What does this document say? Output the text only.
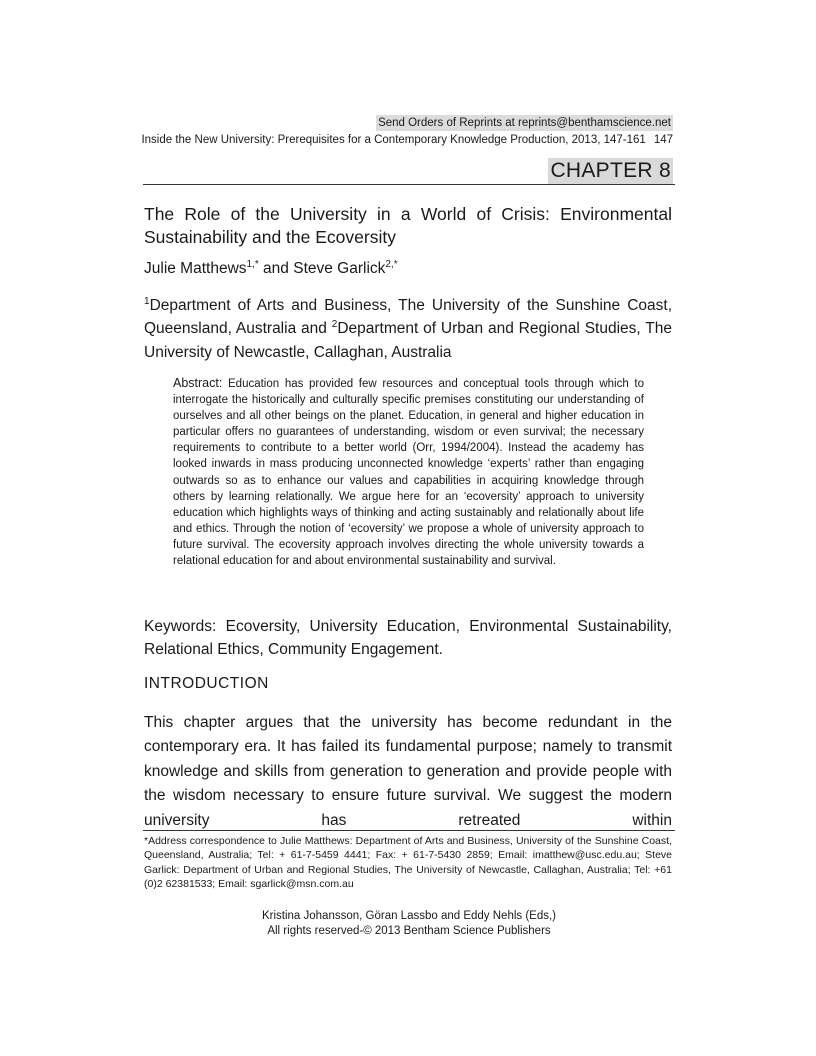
Send Orders of Reprints at reprints@benthamscience.net
Inside the New University: Prerequisites for a Contemporary Knowledge Production, 2013, 147-161 147
CHAPTER 8
The Role of the University in a World of Crisis: Environmental Sustainability and the Ecoversity
Julie Matthews$^{1,*}$ and Steve Garlick$^{2,*}$
$^1$Department of Arts and Business, The University of the Sunshine Coast, Queensland, Australia and $^2$Department of Urban and Regional Studies, The University of Newcastle, Callaghan, Australia
Abstract: Education has provided few resources and conceptual tools through which to interrogate the historically and culturally specific premises constituting our understanding of ourselves and all other beings on the planet. Education, in general and higher education in particular offers no guarantees of understanding, wisdom or even survival; the necessary requirements to contribute to a better world (Orr, 1994/2004). Instead the academy has looked inwards in mass producing unconnected knowledge ‘experts’ rather than engaging outwards so as to enhance our values and capabilities in acquiring knowledge through others by learning relationally. We argue here for an ‘ecoversity’ approach to university education which highlights ways of thinking and acting sustainably and relationally about life and ethics. Through the notion of ‘ecoversity’ we propose a whole of university approach to future survival. The ecoversity approach involves directing the whole university towards a relational education for and about environmental sustainability and survival.
Keywords: Ecoversity, University Education, Environmental Sustainability, Relational Ethics, Community Engagement.
INTRODUCTION
This chapter argues that the university has become redundant in the contemporary era. It has failed its fundamental purpose; namely to transmit knowledge and skills from generation to generation and provide people with the wisdom necessary to ensure future survival. We suggest the modern university has retreated within
*Address correspondence to Julie Matthews: Department of Arts and Business, University of the Sunshine Coast, Queensland, Australia; Tel: + 61-7-5459 4441; Fax: + 61-7-5430 2859; Email: imatthew@usc.edu.au; Steve Garlick: Department of Urban and Regional Studies, The University of Newcastle, Callaghan, Australia; Tel: +61 (0)2 62381533; Email: sgarlick@msn.com.au
Kristina Johansson, Göran Lassbo and Eddy Nehls (Eds,)
All rights reserved-© 2013 Bentham Science Publishers
